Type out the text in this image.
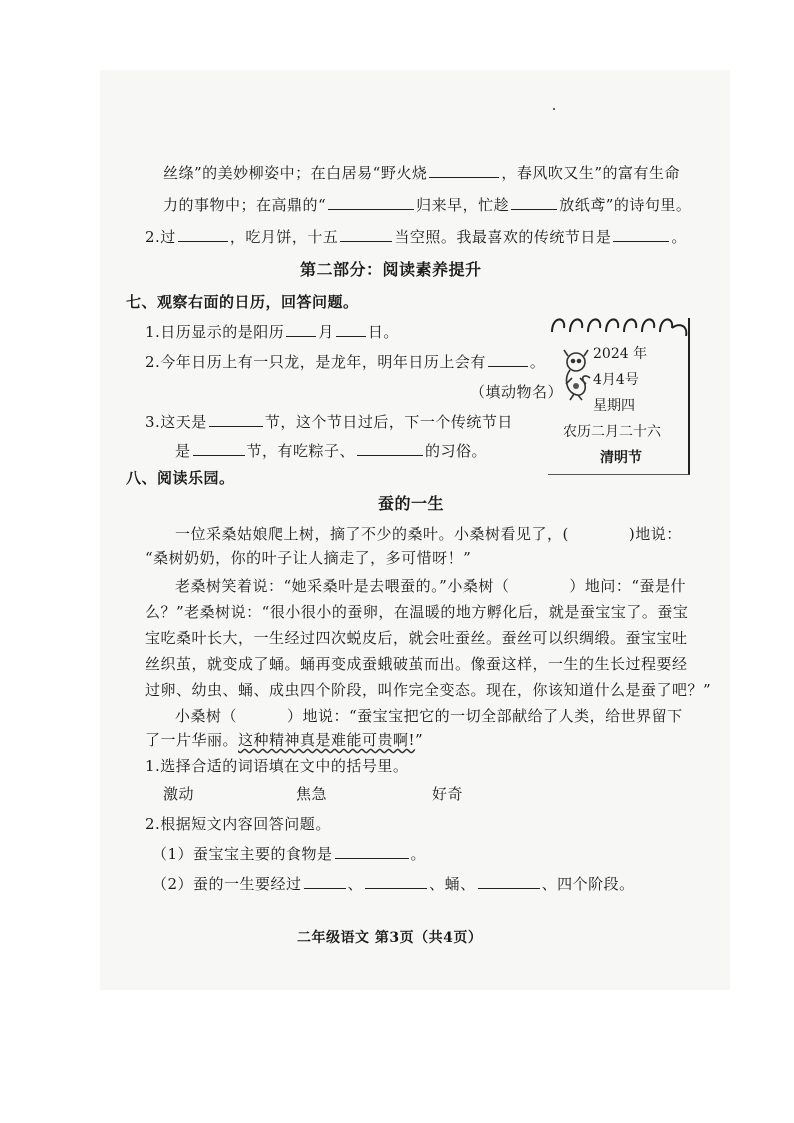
丝绦”的美妙柳姿中；在白居易“野火烧	，春风吹又生”的富有生命
力的事物中；在高鼎的“	归来早，忙趁	放纸鸢”的诗句里。
2.过	，吃月饼，十五	当空照。我最喜欢的传统节日是	。
第二部分：阅读素养提升
七、观察右面的日历，回答问题。
1.日历显示的是阳历 月 日。
2.今年日历上有一只龙，是龙年，明年日历上会有	。
（填动物名）
3.这天是	节，这个节日过后，下一个传统节日
是	节，有吃粽子、	的习俗。
2024 年
4月4号
星期四
农历二月二十六
清明节
八、阅读乐园。
蚕的一生
一位采桑姑娘爬上树，摘了不少的桑叶。小桑树看见了，(	)地说：
“桑树奶奶，你的叶子让人摘走了，多可惜呀！”
老桑树笑着说：“她采桑叶是去喂蚕的。”小桑树（	）地问：“蚕是什
么？”老桑树说：“很小很小的蚕卵，在温暖的地方孵化后，就是蚕宝宝了。蚕宝
宝吃桑叶长大，一生经过四次蜕皮后，就会吐蚕丝。蚕丝可以织绸缎。蚕宝宝吐
丝织茧，就变成了蛹。蛹再变成蚕蛾破茧而出。像蚕这样，一生的生长过程要经
过卵、幼虫、蛹、成虫四个阶段，叫作完全变态。现在，你该知道什么是蚕了吧？”
小桑树（	）地说：“蚕宝宝把它的一切全部献给了人类，给世界留下
了一片华丽。这种精神真是难能可贵啊!”
1.选择合适的词语填在文中的括号里。
激动	焦急	好奇
2.根据短文内容回答问题。
（1）蚕宝宝主要的食物是	。
（2）蚕的一生要经过	、	、蛹、	、四个阶段。
二年级语文 第3页（共4页）
